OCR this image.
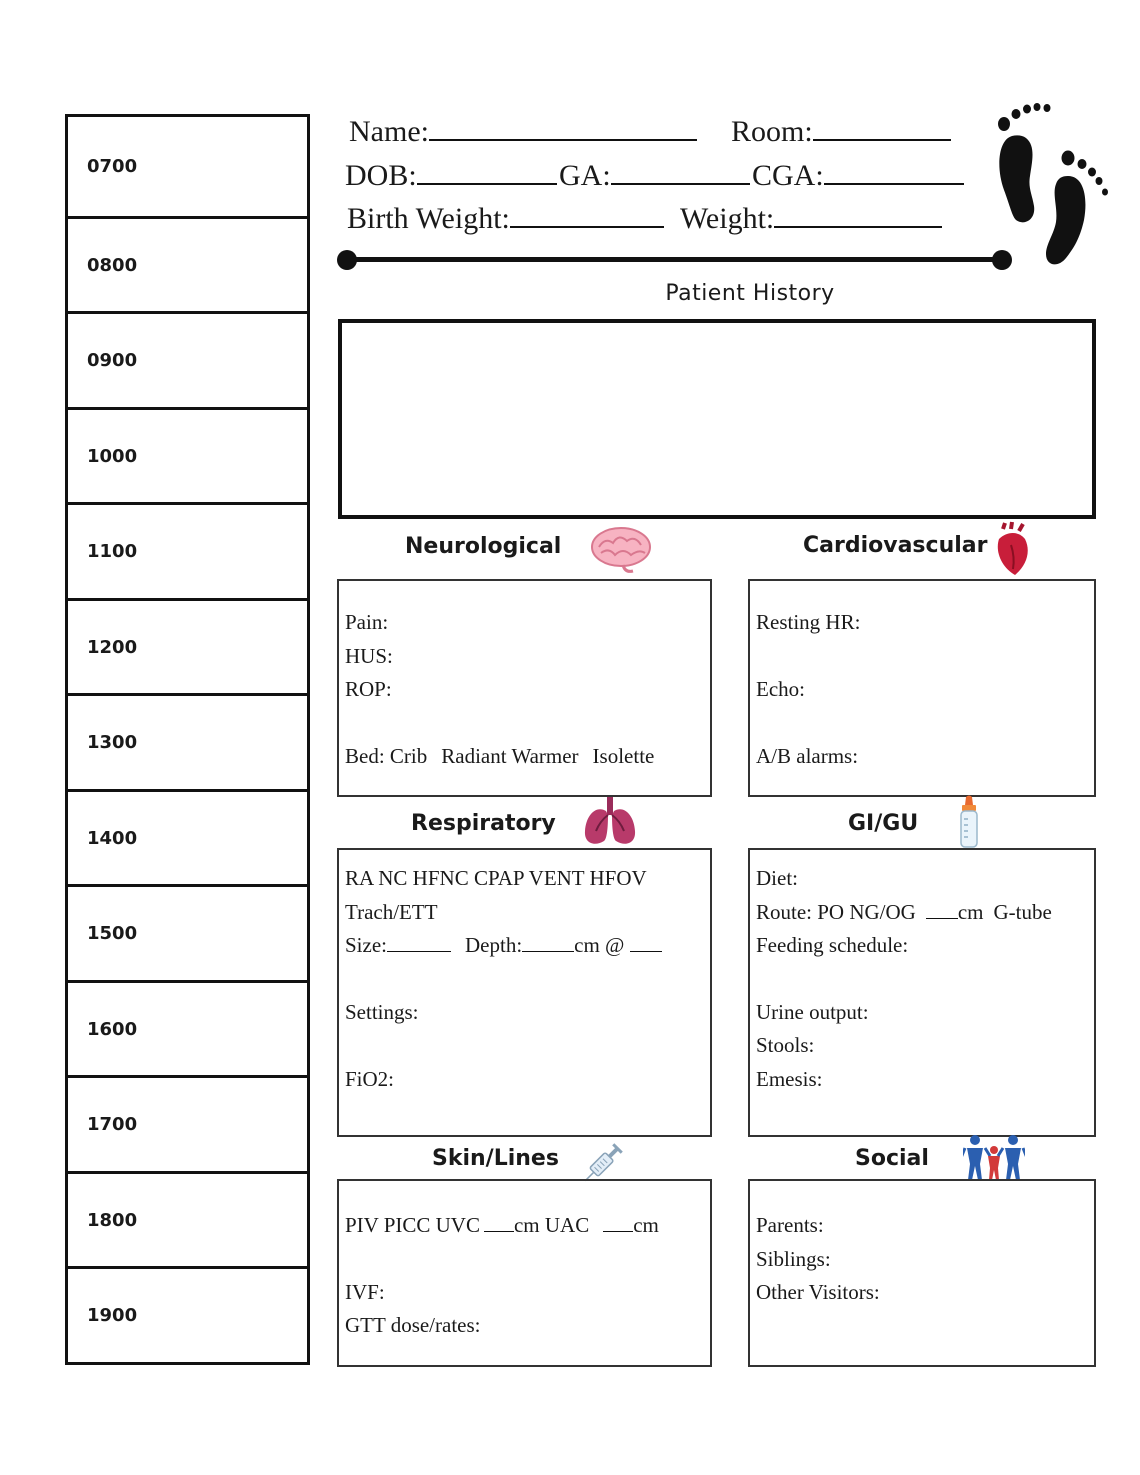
0700
0800
0900
1000
1100
1200
1300
1400
1500
1600
1700
1800
1900
Name:	Room:
DOB:	GA:	CGA:
Birth Weight:	Weight:
Patient History
Neurological
Pain:
HUS:
ROP:
Bed: Crib Radiant Warmer Isolette
Cardiovascular
Resting HR:
Echo:
A/B alarms:
Respiratory
RA NC HFNC CPAP VENT HFOV
Trach/ETT
Size:	Depth: cm @
Settings:
FiO2:
GI/GU
Diet:
Route: PO NG/OG cm G-tube
Feeding schedule:
Urine output:
Stools:
Emesis:
Skin/Lines
PIV PICC UVC cm UAC cm
IVF:
GTT dose/rates:
Social
Parents:
Siblings:
Other Visitors:
